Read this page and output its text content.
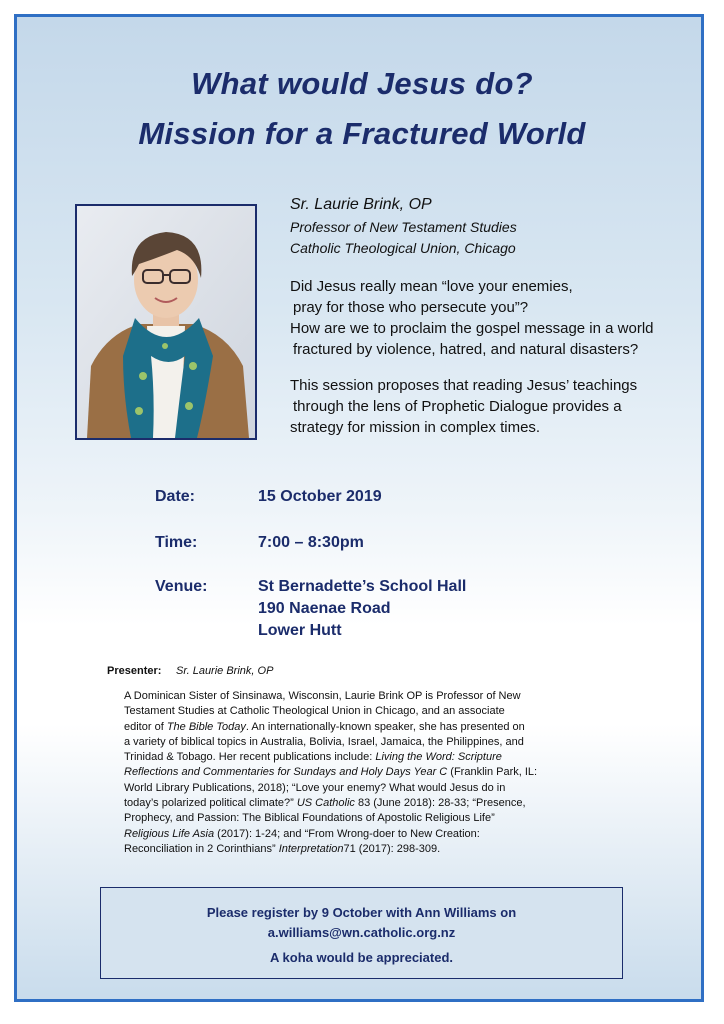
What would Jesus do?
Mission for a Fractured World
Sr. Laurie Brink, OP
Professor of New Testament Studies
Catholic Theological Union, Chicago
Did Jesus really mean “love your enemies,
pray for those who persecute you”?
How are we to proclaim the gospel message in a world
fractured by violence, hatred, and natural disasters?
This session proposes that reading Jesus’ teachings
through the lens of Prophetic Dialogue provides a
strategy for mission in complex times.
Date:	15 October 2019
Time:	7:00 – 8:30pm
Venue:	St Bernadette’s School Hall
190 Naenae Road
Lower Hutt
Presenter: Sr. Laurie Brink, OP
A Dominican Sister of Sinsinawa, Wisconsin, Laurie Brink OP is Professor of New
Testament Studies at Catholic Theological Union in Chicago, and an associate
editor of The Bible Today. An internationally-known speaker, she has presented on
a variety of biblical topics in Australia, Bolivia, Israel, Jamaica, the Philippines, and
Trinidad & Tobago. Her recent publications include: Living the Word: Scripture
Reflections and Commentaries for Sundays and Holy Days Year C (Franklin Park, IL:
World Library Publications, 2018); “Love your enemy? What would Jesus do in
today’s polarized political climate?” US Catholic 83 (June 2018): 28-33; “Presence,
Prophecy, and Passion: The Biblical Foundations of Apostolic Religious Life”
Religious Life Asia (2017): 1-24; and “From Wrong-doer to New Creation:
Reconciliation in 2 Corinthians” Interpretation71 (2017): 298-309.
Please register by 9 October with Ann Williams on
a.williams@wn.catholic.org.nz
A koha would be appreciated.
